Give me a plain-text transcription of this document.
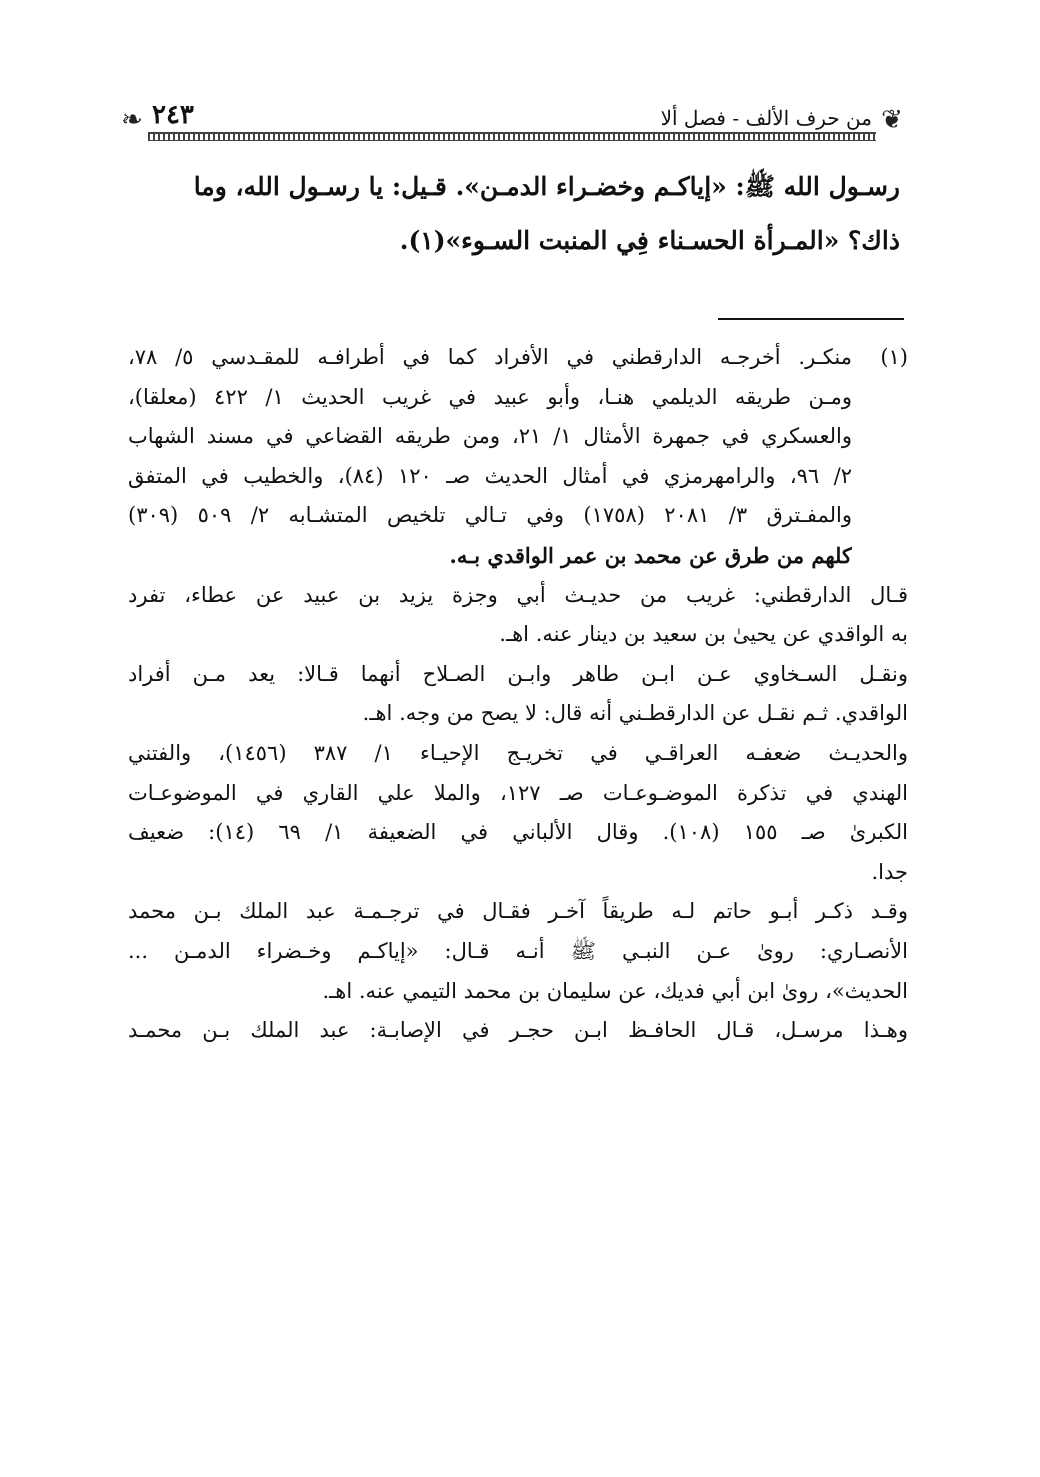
❦
من حرف الألف - فصل ألا
٢٤٣
❧
رسـول الله ﷺ: «إياكـم وخضـراء الدمـن». قـيل: يا رسـول الله، وما
ذاك؟ «المـرأة الحسـناء فِي المنبت السـوء»(١).
(١)
منكـر. أخرجـه الدارقطني في الأفراد كما في أطرافـه للمقـدسي ٥/ ٧٨،
ومـن طريقه الديلمي هنـا، وأبو عبيد في غريب الحديث ١/ ٤٢٢ (معلقا)،
والعسكري في جمهرة الأمثال ١/ ٢١، ومن طريقه القضاعي في مسند الشهاب
٢/ ٩٦، والرامهرمزي في أمثال الحديث صـ ١٢٠ (٨٤)، والخطيب في المتفق
والمفـترق ٣/ ٢٠٨١ (١٧٥٨) وفي تـالي تلخيص المتشـابه ٢/ ٥٠٩ (٣٠٩)
كلهم من طرق عن محمد بن عمر الواقدي بـه.
قـال الدارقطني: غريب من حديـث أبي وجزة يزيد بن عبيد عن عطاء، تفرد
به الواقدي عن يحيىٰ بن سعيد بن دينار عنه. اهـ.
ونقـل السـخاوي عـن ابـن طاهر وابـن الصـلاح أنهما قـالا: يعد مـن أفراد
الواقدي. ثـم نقـل عن الدارقطـني أنه قال: لا يصح من وجه. اهـ.
والحديـث ضعفـه العراقـي في تخريـج الإحيـاء ١/ ٣٨٧ (١٤٥٦)، والفتني
الهندي في تذكرة الموضـوعـات صـ ١٢٧، والملا علي القاري في الموضوعـات
الكبرىٰ صـ ١٥٥ (١٠٨). وقال الألباني في الضعيفة ١/ ٦٩ (١٤): ضعيف
جدا.
وقـد ذكـر أبـو حاتم لـه طريقاً آخـر فقـال في ترجـمـة عبد الملك بـن محمد
الأنصـاري: روىٰ عـن النبـي ﷺ أنـه قـال: «إياكـم وخـضراء الدمـن ...
الحديث»، روىٰ ابن أبي فديك، عن سليمان بن محمد التيمي عنه. اهـ.
وهـذا مرسـل، قـال الحافـظ ابـن حجـر في الإصابـة: عبد الملك بـن محمـد
